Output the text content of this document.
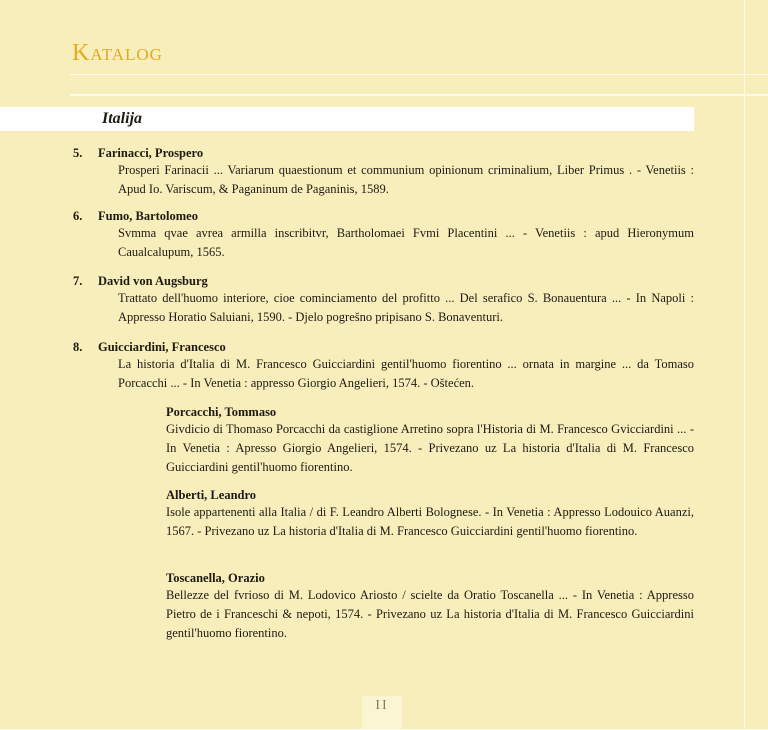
Katalog
Italija
5. Farinacci, Prospero
Prosperi Farinacii ... Variarum quaestionum et communium opinionum criminalium, Liber Primus . - Venetiis : Apud Io. Variscum, & Paganinum de Paganinis, 1589.
6. Fumo, Bartolomeo
Svmma qvae avrea armilla inscribitvr, Bartholomaei Fvmi Placentini ... - Venetiis : apud Hieronymum Caualcalupum, 1565.
7. David von Augsburg
Trattato dell'huomo interiore, cioe cominciamento del profitto ... Del serafico S. Bonauentura ... - In Napoli : Appresso Horatio Saluiani, 1590. - Djelo pogrešno pripisano S. Bonaventuri.
8. Guicciardini, Francesco
La historia d'Italia di M. Francesco Guicciardini gentil'huomo fiorentino ... ornata in margine ... da Tomaso Porcacchi ... - In Venetia : appresso Giorgio Angelieri, 1574. - Oštećen.
Porcacchi, Tommaso
Givdicio di Thomaso Porcacchi da castiglione Arretino sopra l'Historia di M. Francesco Gvicciardini ... - In Venetia : Apresso Giorgio Angelieri, 1574. - Privezano uz La historia d'Italia di M. Francesco Guicciardini gentil'huomo fiorentino.
Alberti, Leandro
Isole appartenenti alla Italia / di F. Leandro Alberti Bolognese. - In Venetia : Appresso Lodouico Auanzi, 1567. - Privezano uz La historia d'Italia di M. Francesco Guicciardini gentil'huomo fiorentino.
Toscanella, Orazio
Bellezze del fvrioso di M. Lodovico Ariosto / scielte da Oratio Toscanella ... - In Venetia : Appresso Pietro de i Franceschi & nepoti, 1574. - Privezano uz La historia d'Italia di M. Francesco Guicciardini gentil'huomo fiorentino.
II
